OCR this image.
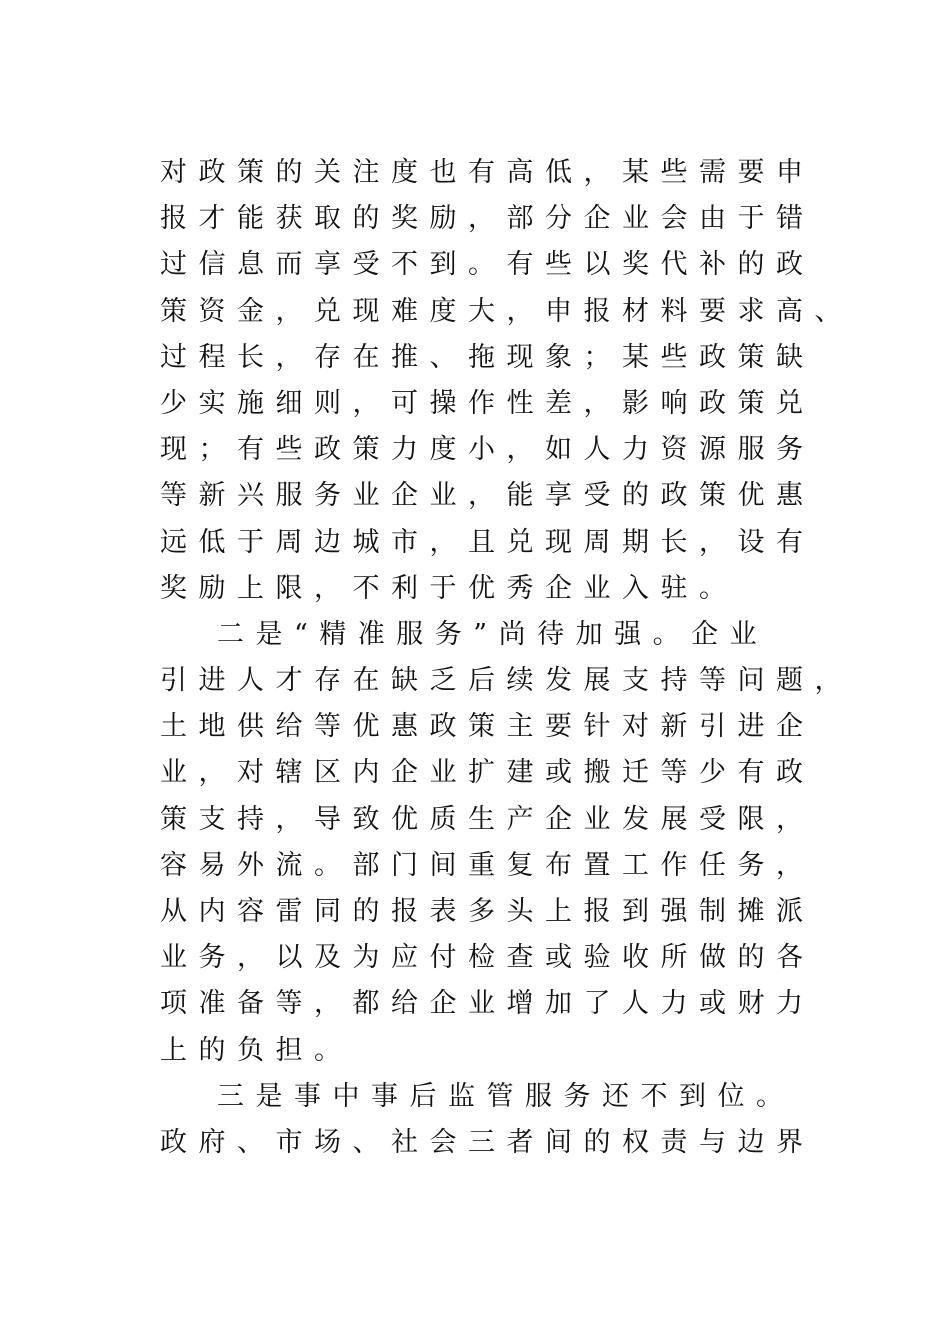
对政策的关注度也有高低，某些需要申
报才能获取的奖励，部分企业会由于错
过信息而享受不到。有些以奖代补的政
策资金，兑现难度大，申报材料要求高、
过程长，存在推、拖现象；某些政策缺
少实施细则，可操作性差，影响政策兑
现；有些政策力度小，如人力资源服务
等新兴服务业企业，能享受的政策优惠
远低于周边城市，且兑现周期长，设有
奖励上限，不利于优秀企业入驻。
二是“精准服务”尚待加强。企业
引进人才存在缺乏后续发展支持等问题，
土地供给等优惠政策主要针对新引进企
业，对辖区内企业扩建或搬迁等少有政
策支持，导致优质生产企业发展受限，
容易外流。部门间重复布置工作任务，
从内容雷同的报表多头上报到强制摊派
业务，以及为应付检查或验收所做的各
项准备等，都给企业增加了人力或财力
上的负担。
三是事中事后监管服务还不到位。
政府、市场、社会三者间的权责与边界
